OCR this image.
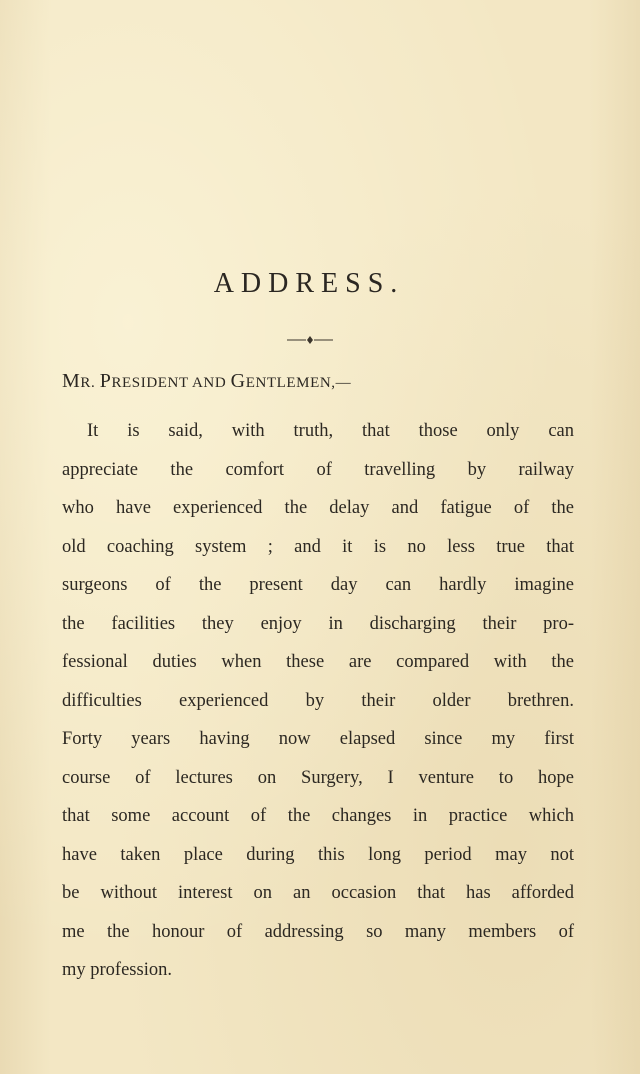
ADDRESS.
MR. PRESIDENT AND GENTLEMEN,—
It is said, with truth, that those only can
appreciate the comfort of travelling by railway
who have experienced the delay and fatigue of the
old coaching system ; and it is no less true that
surgeons of the present day can hardly imagine
the facilities they enjoy in discharging their pro-
fessional duties when these are compared with the
difficulties experienced by their older brethren.
Forty years having now elapsed since my first
course of lectures on Surgery, I venture to hope
that some account of the changes in practice which
have taken place during this long period may not
be without interest on an occasion that has afforded
me the honour of addressing so many members of
my profession.
